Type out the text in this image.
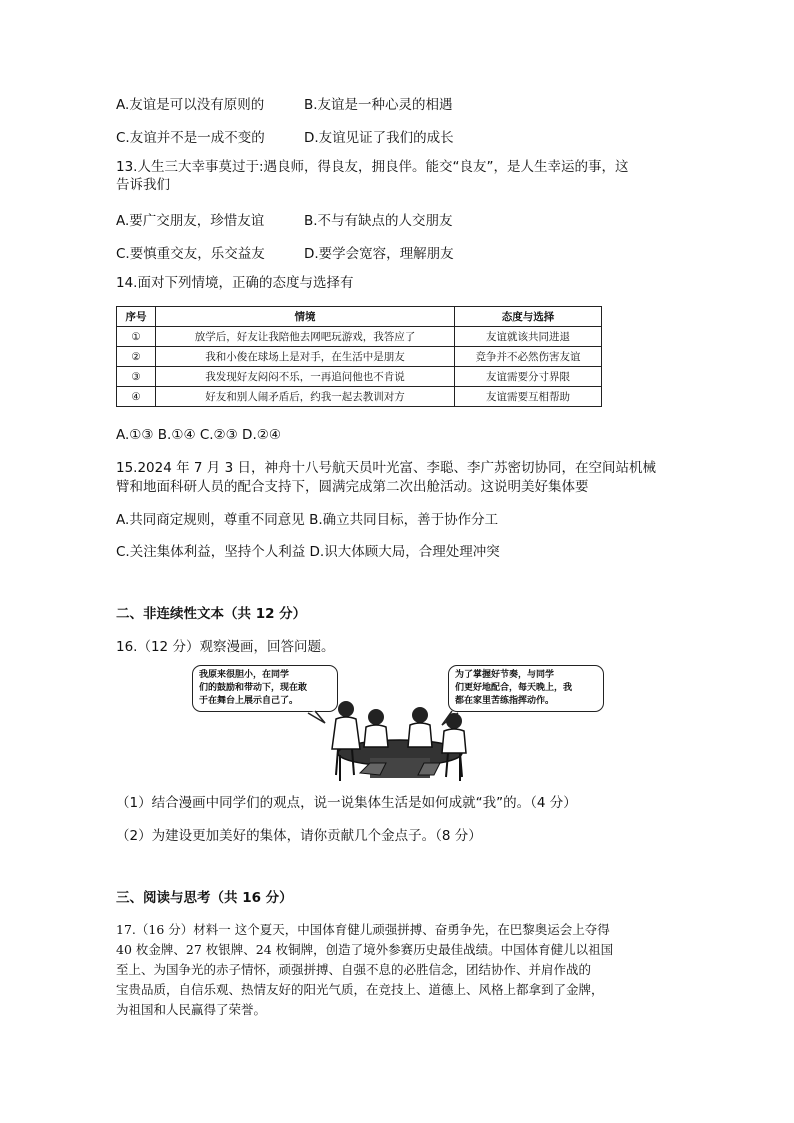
A.友谊是可以没有原则的	B.友谊是一种心灵的相遇
C.友谊并不是一成不变的	D.友谊见证了我们的成长
13.人生三大幸事莫过于:遇良师，得良友，拥良伴。能交“良友”，是人生幸运的事，这
告诉我们
A.要广交朋友，珍惜友谊	B.不与有缺点的人交朋友
C.要慎重交友，乐交益友	D.要学会宽容，理解朋友
14.面对下列情境，正确的态度与选择有
序号	情境	态度与选择
①	放学后，好友让我陪他去网吧玩游戏，我答应了	友谊就该共同进退
②	我和小俊在球场上是对手，在生活中是朋友	竞争并不必然伤害友谊
③	我发现好友闷闷不乐，一再追问他也不肯说	友谊需要分寸界限
④	好友和别人闹矛盾后，约我一起去教训对方	友谊需要互相帮助
A.①③ B.①④ C.②③ D.②④
15.2024 年 7 月 3 日，神舟十八号航天员叶光富、李聪、李广苏密切协同，在空间站机械
臂和地面科研人员的配合支持下，圆满完成第二次出舱活动。这说明美好集体要
A.共同商定规则，尊重不同意见 B.确立共同目标，善于协作分工
C.关注集体利益，坚持个人利益 D.识大体顾大局，合理处理冲突
二、非连续性文本（共 12 分）
16.（12 分）观察漫画，回答问题。
我原来很胆小，在同学
们的鼓励和带动下，现在敢
于在舞台上展示自己了。
为了掌握好节奏，与同学
们更好地配合，每天晚上，我
都在家里苦练指挥动作。
（1）结合漫画中同学们的观点，说一说集体生活是如何成就“我”的。（4 分）
（2）为建设更加美好的集体，请你贡献几个金点子。（8 分）
三、阅读与思考（共 16 分）
17.（16 分）材料一 这个夏天，中国体育健儿顽强拼搏、奋勇争先，在巴黎奥运会上夺得
40 枚金牌、27 枚银牌、24 枚铜牌，创造了境外参赛历史最佳战绩。中国体育健儿以祖国
至上、为国争光的赤子情怀，顽强拼搏、自强不息的必胜信念，团结协作、并肩作战的
宝贵品质，自信乐观、热情友好的阳光气质，在竞技上、道德上、风格上都拿到了金牌，
为祖国和人民赢得了荣誉。
